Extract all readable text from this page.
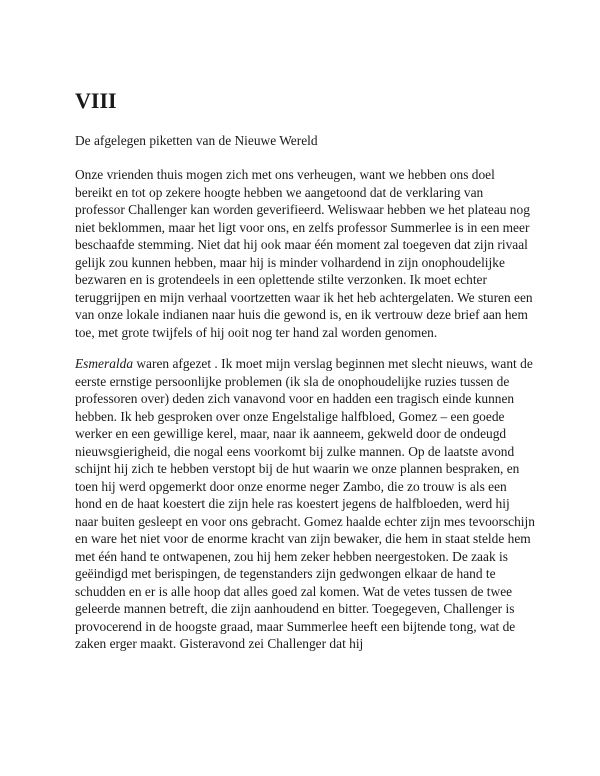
VIII

De afgelegen piketten van de Nieuwe Wereld

Onze vrienden thuis mogen zich met ons verheugen, want we hebben ons doel bereikt en tot op zekere hoogte hebben we aangetoond dat de verklaring van professor Challenger kan worden geverifieerd. Weliswaar hebben we het plateau nog niet beklommen, maar het ligt voor ons, en zelfs professor Summerlee is in een meer beschaafde stemming. Niet dat hij ook maar één moment zal toegeven dat zijn rivaal gelijk zou kunnen hebben, maar hij is minder volhardend in zijn onophoudelijke bezwaren en is grotendeels in een oplettende stilte verzonken. Ik moet echter teruggrijpen en mijn verhaal voortzetten waar ik het heb achtergelaten. We sturen een van onze lokale indianen naar huis die gewond is, en ik vertrouw deze brief aan hem toe, met grote twijfels of hij ooit nog ter hand zal worden genomen.

Esmeralda waren afgezet . Ik moet mijn verslag beginnen met slecht nieuws, want de eerste ernstige persoonlijke problemen (ik sla de onophoudelijke ruzies tussen de professoren over) deden zich vanavond voor en hadden een tragisch einde kunnen hebben. Ik heb gesproken over onze Engelstalige halfbloed, Gomez – een goede werker en een gewillige kerel, maar, naar ik aanneem, gekweld door de ondeugd nieuwsgierigheid, die nogal eens voorkomt bij zulke mannen. Op de laatste avond schijnt hij zich te hebben verstopt bij de hut waarin we onze plannen bespraken, en toen hij werd opgemerkt door onze enorme neger Zambo, die zo trouw is als een hond en de haat koestert die zijn hele ras koestert jegens de halfbloeden, werd hij naar buiten gesleept en voor ons gebracht. Gomez haalde echter zijn mes tevoorschijn en ware het niet voor de enorme kracht van zijn bewaker, die hem in staat stelde hem met één hand te ontwapenen, zou hij hem zeker hebben neergestoken. De zaak is geëindigd met berispingen, de tegenstanders zijn gedwongen elkaar de hand te schudden en er is alle hoop dat alles goed zal komen. Wat de vetes tussen de twee geleerde mannen betreft, die zijn aanhoudend en bitter. Toegegeven, Challenger is provocerend in de hoogste graad, maar Summerlee heeft een bijtende tong, wat de zaken erger maakt. Gisteravond zei Challenger dat hij
